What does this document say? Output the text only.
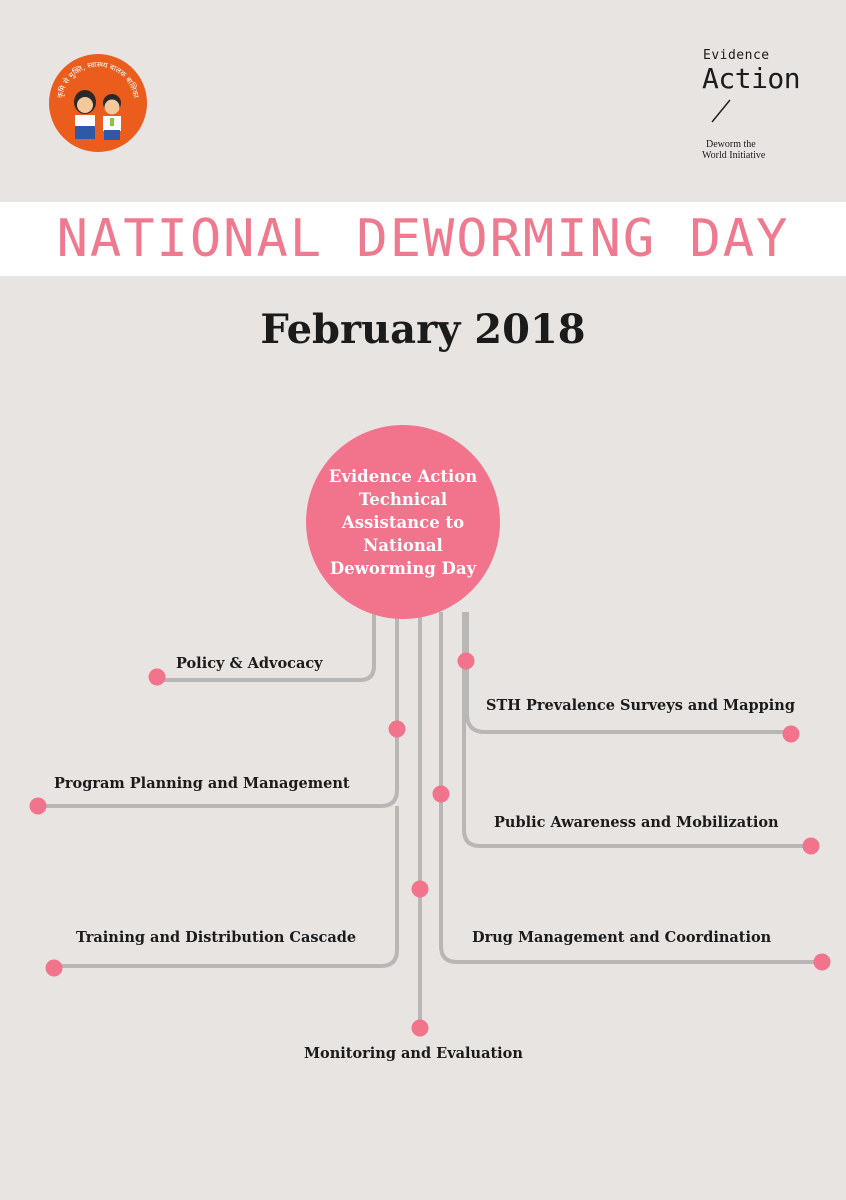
कृमि से मुक्ति, स्वास्थ्य बालक बालिका
Evidence
Action
Deworm the
World Initiative
NATIONAL DEWORMING DAY
February 2018
Evidence Action Technical Assistance to National Deworming Day
Policy & Advocacy
STH Prevalence Surveys and Mapping
Program Planning and Management
Public Awareness and Mobilization
Training and Distribution Cascade	Drug Management and Coordination
Monitoring and Evaluation
